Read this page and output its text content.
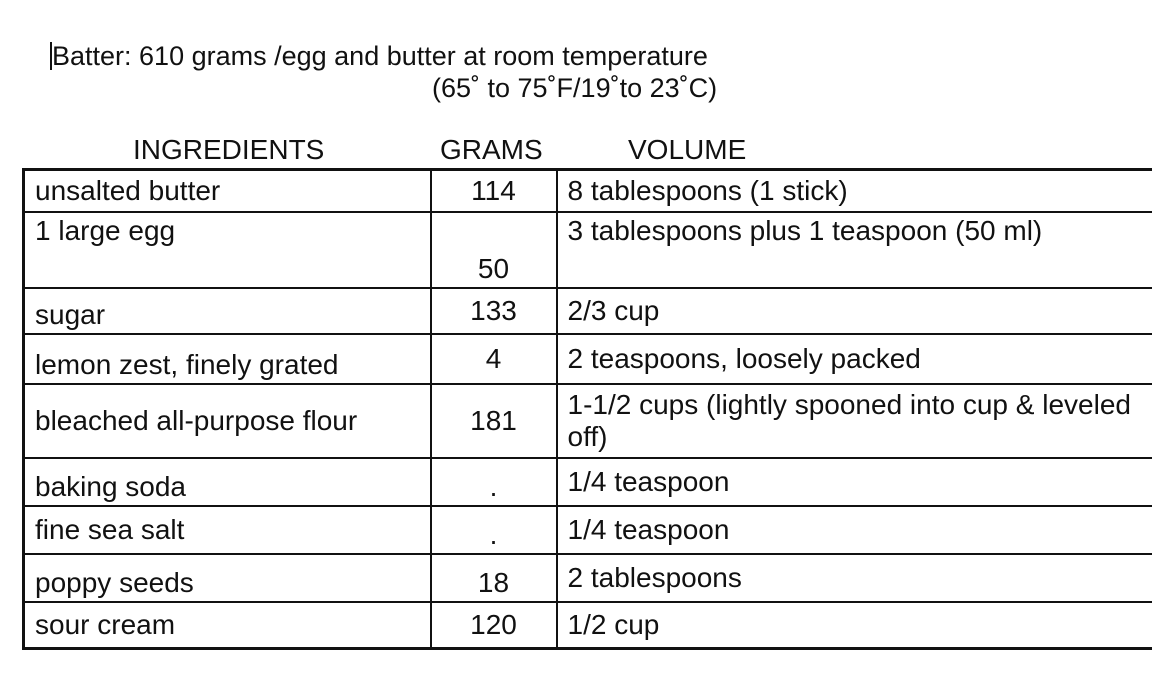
Batter: 610 grams /egg and butter at room temperature
(65˚ to 75˚F/19˚to 23˚C)
INGREDIENTS	GRAMS	VOLUME
unsalted butter	114	8 tablespoons (1 stick)
1 large egg	50	3 tablespoons plus 1 teaspoon (50 ml)
sugar	133	2/3 cup
lemon zest, finely grated	4	2 teaspoons, loosely packed
bleached all-purpose flour	181	1-1/2 cups (lightly spooned into cup & leveled off)
baking soda	.	1/4 teaspoon
fine sea salt	.	1/4 teaspoon
poppy seeds	18	2 tablespoons
sour cream	120	1/2 cup
